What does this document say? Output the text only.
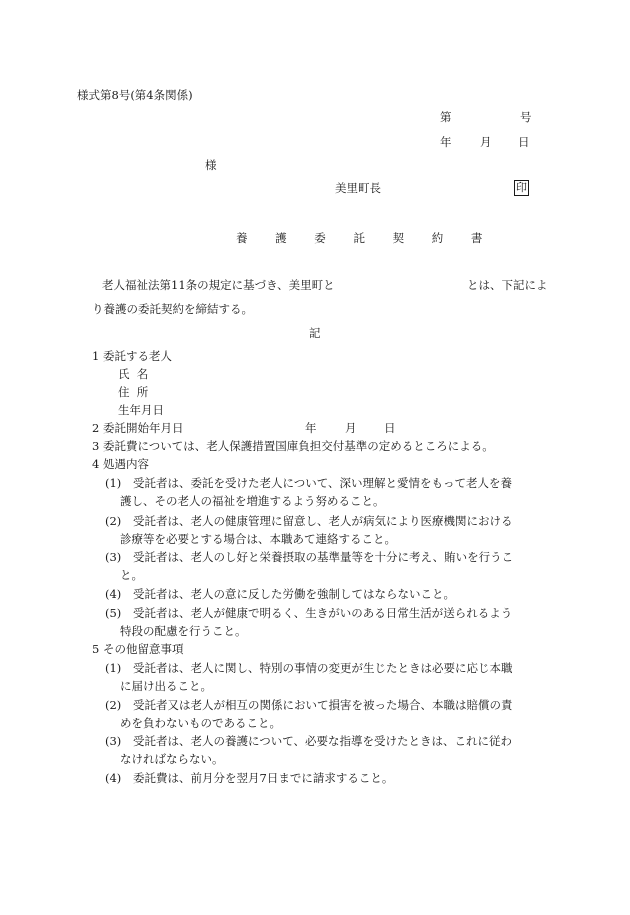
様式第8号(第4条関係)
第	号
年 月 日
様
美里町長	印
養 護 委 託 契 約 書
老人福祉法第11条の規定に基づき、美里町と	とは、下記によ
り養護の委託契約を締結する。
記
1 委託する老人
氏  名
住  所
生年月日
2 委託開始年月日	年 月 日
3 委託費については、老人保護措置国庫負担交付基準の定めるところによる。
4 処遇内容
(1) 受託者は、委託を受けた老人について、深い理解と愛情をもって老人を養
護し、その老人の福祉を増進するよう努めること。
(2) 受託者は、老人の健康管理に留意し、老人が病気により医療機関における
診療等を必要とする場合は、本職あて連絡すること。
(3) 受託者は、老人のし好と栄養摂取の基準量等を十分に考え、賄いを行うこ
と。
(4) 受託者は、老人の意に反した労働を強制してはならないこと。
(5) 受託者は、老人が健康で明るく、生きがいのある日常生活が送られるよう
特段の配慮を行うこと。
5 その他留意事項
(1) 受託者は、老人に関し、特別の事情の変更が生じたときは必要に応じ本職
に届け出ること。
(2) 受託者又は老人が相互の関係において損害を被った場合、本職は賠償の責
めを負わないものであること。
(3) 受託者は、老人の養護について、必要な指導を受けたときは、これに従わ
なければならない。
(4) 委託費は、前月分を翌月7日までに請求すること。
